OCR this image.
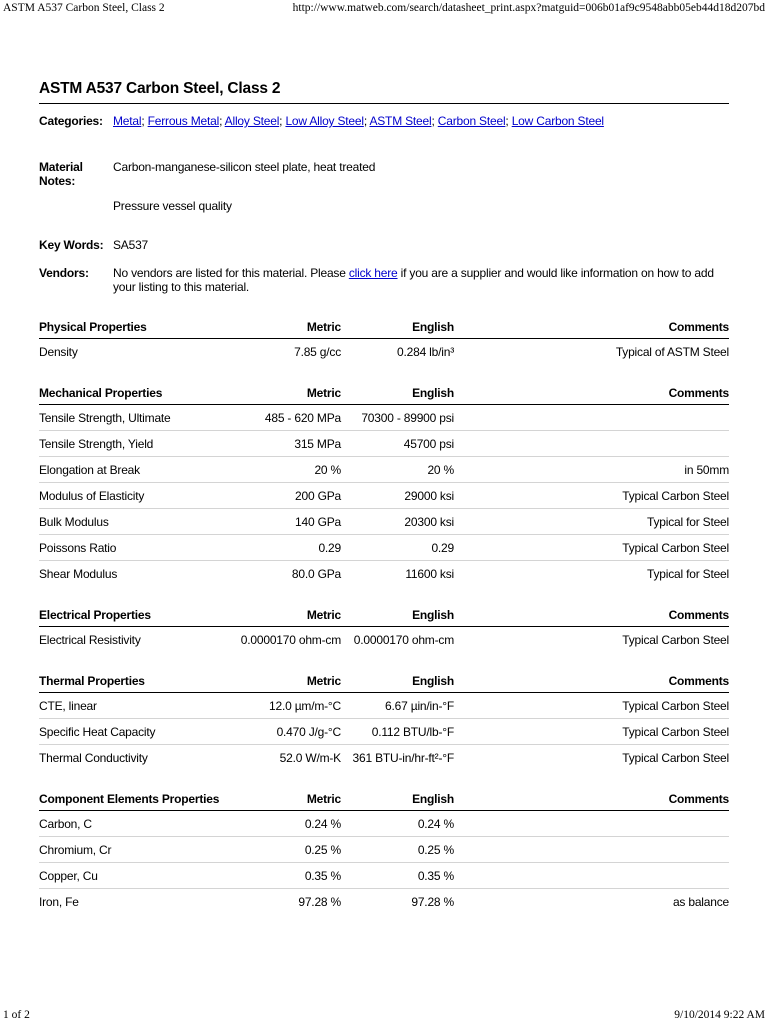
ASTM A537 Carbon Steel, Class 2	http://www.matweb.com/search/datasheet_print.aspx?matguid=006b01af9c9548abb05eb44d18d207bd
ASTM A537 Carbon Steel, Class 2
Categories: Metal; Ferrous Metal; Alloy Steel; Low Alloy Steel; ASTM Steel; Carbon Steel; Low Carbon Steel
Material Notes:
Carbon-manganese-silicon steel plate, heat treated
Pressure vessel quality
Key Words: SA537
Vendors:	No vendors are listed for this material. Please click here if you are a supplier and would like information on how to add your listing to this material.
Physical Properties	Metric	English	Comments
Density	7.85 g/cc	0.284 lb/in³	Typical of ASTM Steel
Mechanical Properties	Metric	English	Comments
Tensile Strength, Ultimate	485 - 620 MPa	70300 - 89900 psi	
Tensile Strength, Yield	315 MPa	45700 psi	
Elongation at Break	20 %	20 %	in 50mm
Modulus of Elasticity	200 GPa	29000 ksi	Typical Carbon Steel
Bulk Modulus	140 GPa	20300 ksi	Typical for Steel
Poissons Ratio	0.29	0.29	Typical Carbon Steel
Shear Modulus	80.0 GPa	11600 ksi	Typical for Steel
Electrical Properties	Metric	English	Comments
Electrical Resistivity	0.0000170 ohm-cm	0.0000170 ohm-cm	Typical Carbon Steel
Thermal Properties	Metric	English	Comments
CTE, linear	12.0 µm/m-°C	6.67 µin/in-°F	Typical Carbon Steel
Specific Heat Capacity	0.470 J/g-°C	0.112 BTU/lb-°F	Typical Carbon Steel
Thermal Conductivity	52.0 W/m-K	361 BTU-in/hr-ft²-°F	Typical Carbon Steel
Component Elements Properties	Metric	English	Comments
Carbon, C	0.24 %	0.24 %	
Chromium, Cr	0.25 %	0.25 %	
Copper, Cu	0.35 %	0.35 %	
Iron, Fe	97.28 %	97.28 %	as balance
1 of 2	9/10/2014 9:22 AM
